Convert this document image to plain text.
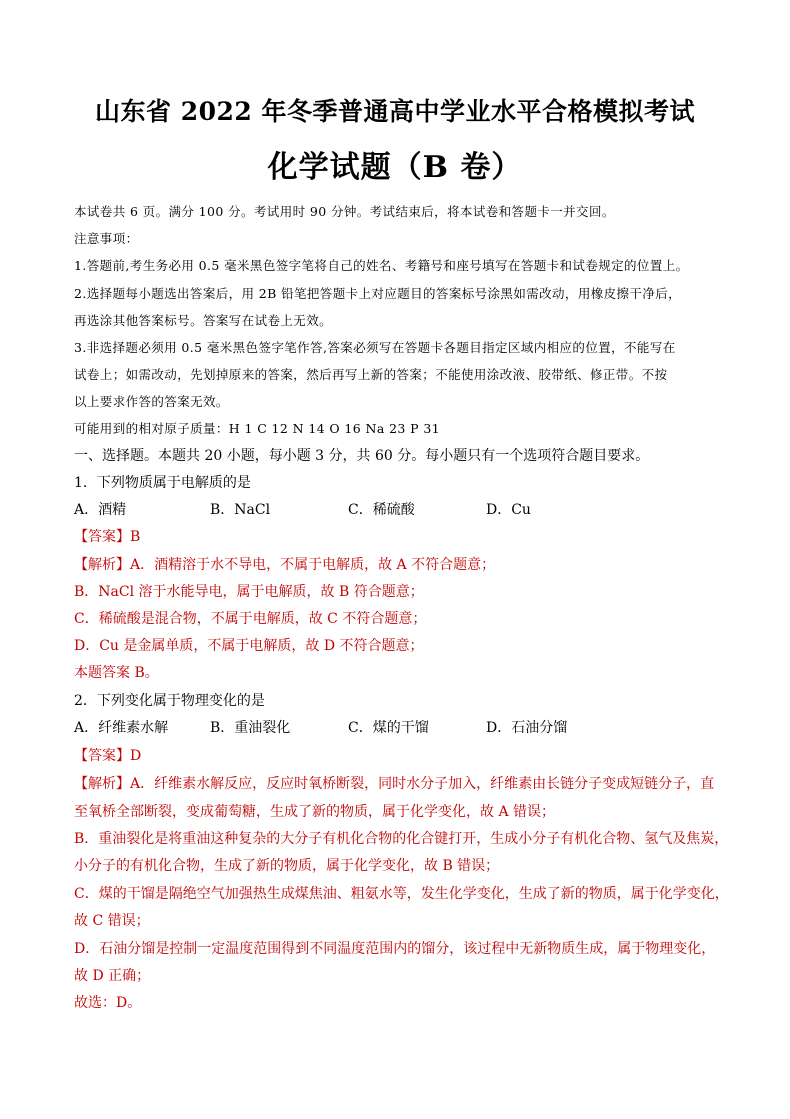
山东省 2022 年冬季普通高中学业水平合格模拟考试
化学试题（B 卷）
本试卷共 6 页。满分 100 分。考试用时 90 分钟。考试结束后，将本试卷和答题卡一并交回。
注意事项：
1.答题前,考生务必用 0.5 毫米黑色签字笔将自己的姓名、考籍号和座号填写在答题卡和试卷规定的位置上。
2.选择题每小题选出答案后，用 2B 铅笔把答题卡上对应题目的答案标号涂黑如需改动，用橡皮擦干净后，
再选涂其他答案标号。答案写在试卷上无效。
3.非选择题必须用 0.5 毫米黑色签字笔作答,答案必须写在答题卡各题目指定区域内相应的位置，不能写在
试卷上；如需改动，先划掉原来的答案，然后再写上新的答案；不能使用涂改液、胶带纸、修正带。不按
以上要求作答的答案无效。
可能用到的相对原子质量：H 1 C 12 N 14 O 16 Na 23 P 31
一、选择题。本题共 20 小题，每小题 3 分，共 60 分。每小题只有一个选项符合题目要求。
1．下列物质属于电解质的是
A．酒精	B．NaCl	C．稀硫酸	D．Cu
【答案】B
【解析】A．酒精溶于水不导电，不属于电解质，故 A 不符合题意；
B．NaCl 溶于水能导电，属于电解质，故 B 符合题意；
C．稀硫酸是混合物，不属于电解质，故 C 不符合题意；
D．Cu 是金属单质，不属于电解质，故 D 不符合题意；
本题答案 B。
2．下列变化属于物理变化的是
A．纤维素水解	B．重油裂化	C．煤的干馏	D．石油分馏
【答案】D
【解析】A．纤维素水解反应，反应时氧桥断裂，同时水分子加入，纤维素由长链分子变成短链分子，直
至氧桥全部断裂，变成葡萄糖，生成了新的物质，属于化学变化，故 A 错误；
B．重油裂化是将重油这种复杂的大分子有机化合物的化合键打开，生成小分子有机化合物、氢气及焦炭，
小分子的有机化合物，生成了新的物质，属于化学变化，故 B 错误；
C．煤的干馏是隔绝空气加强热生成煤焦油、粗氨水等，发生化学变化，生成了新的物质，属于化学变化，
故 C 错误；
D．石油分馏是控制一定温度范围得到不同温度范围内的馏分，该过程中无新物质生成，属于物理变化，
故 D 正确；
故选：D。
